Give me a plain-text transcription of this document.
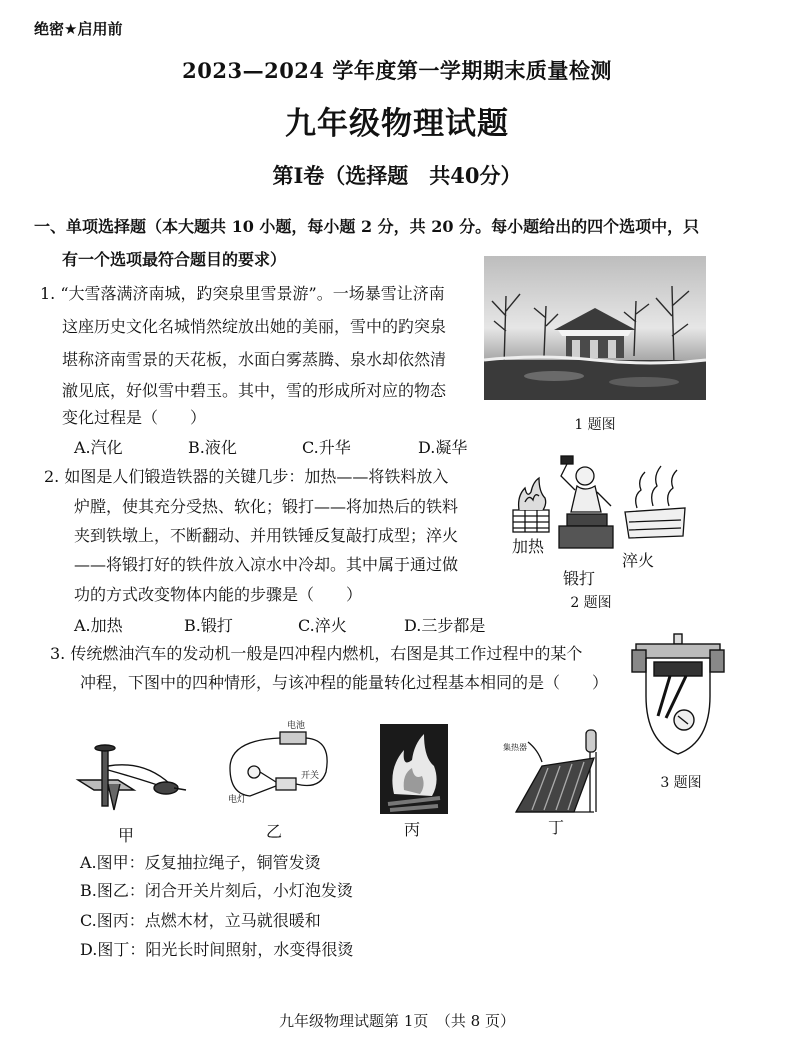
绝密★启用前
2023—2024 学年度第一学期期末质量检测
九年级物理试题
第Ⅰ卷（选择题　共40分）
一、单项选择题（本大题共 10 小题，每小题 2 分，共 20 分。每小题给出的四个选项中，只
有一个选项最符合题目的要求）
1. “大雪落满济南城，趵突泉里雪景游”。一场暴雪让济南
这座历史文化名城悄然绽放出她的美丽，雪中的趵突泉
堪称济南雪景的天花板，水面白雾蒸腾、泉水却依然清
澈见底，好似雪中碧玉。其中，雪的形成所对应的物态
变化过程是（　　）
A.汽化	B.液化	C.升华	D.凝华
1 题图
2. 如图是人们锻造铁器的关键几步：加热——将铁料放入
炉膛，使其充分受热、软化；锻打——将加热后的铁料
夹到铁墩上，不断翻动、并用铁锤反复敲打成型；淬火
——将锻打好的铁件放入凉水中冷却。其中属于通过做
功的方式改变物体内能的步骤是（　　）
A.加热	B.锻打	C.淬火	D.三步都是
加热
锻打
淬火
2 题图
3. 传统燃油汽车的发动机一般是四冲程内燃机，右图是其工作过程中的某个
冲程，下图中的四种情形，与该冲程的能量转化过程基本相同的是（　　）
3 题图
电池
开关
电灯
集热器
甲	乙	丙	丁
A.图甲：反复抽拉绳子，铜管发烫
B.图乙：闭合开关片刻后，小灯泡发烫
C.图丙：点燃木材，立马就很暖和
D.图丁：阳光长时间照射，水变得很烫
九年级物理试题第 1页　（共 8 页）
